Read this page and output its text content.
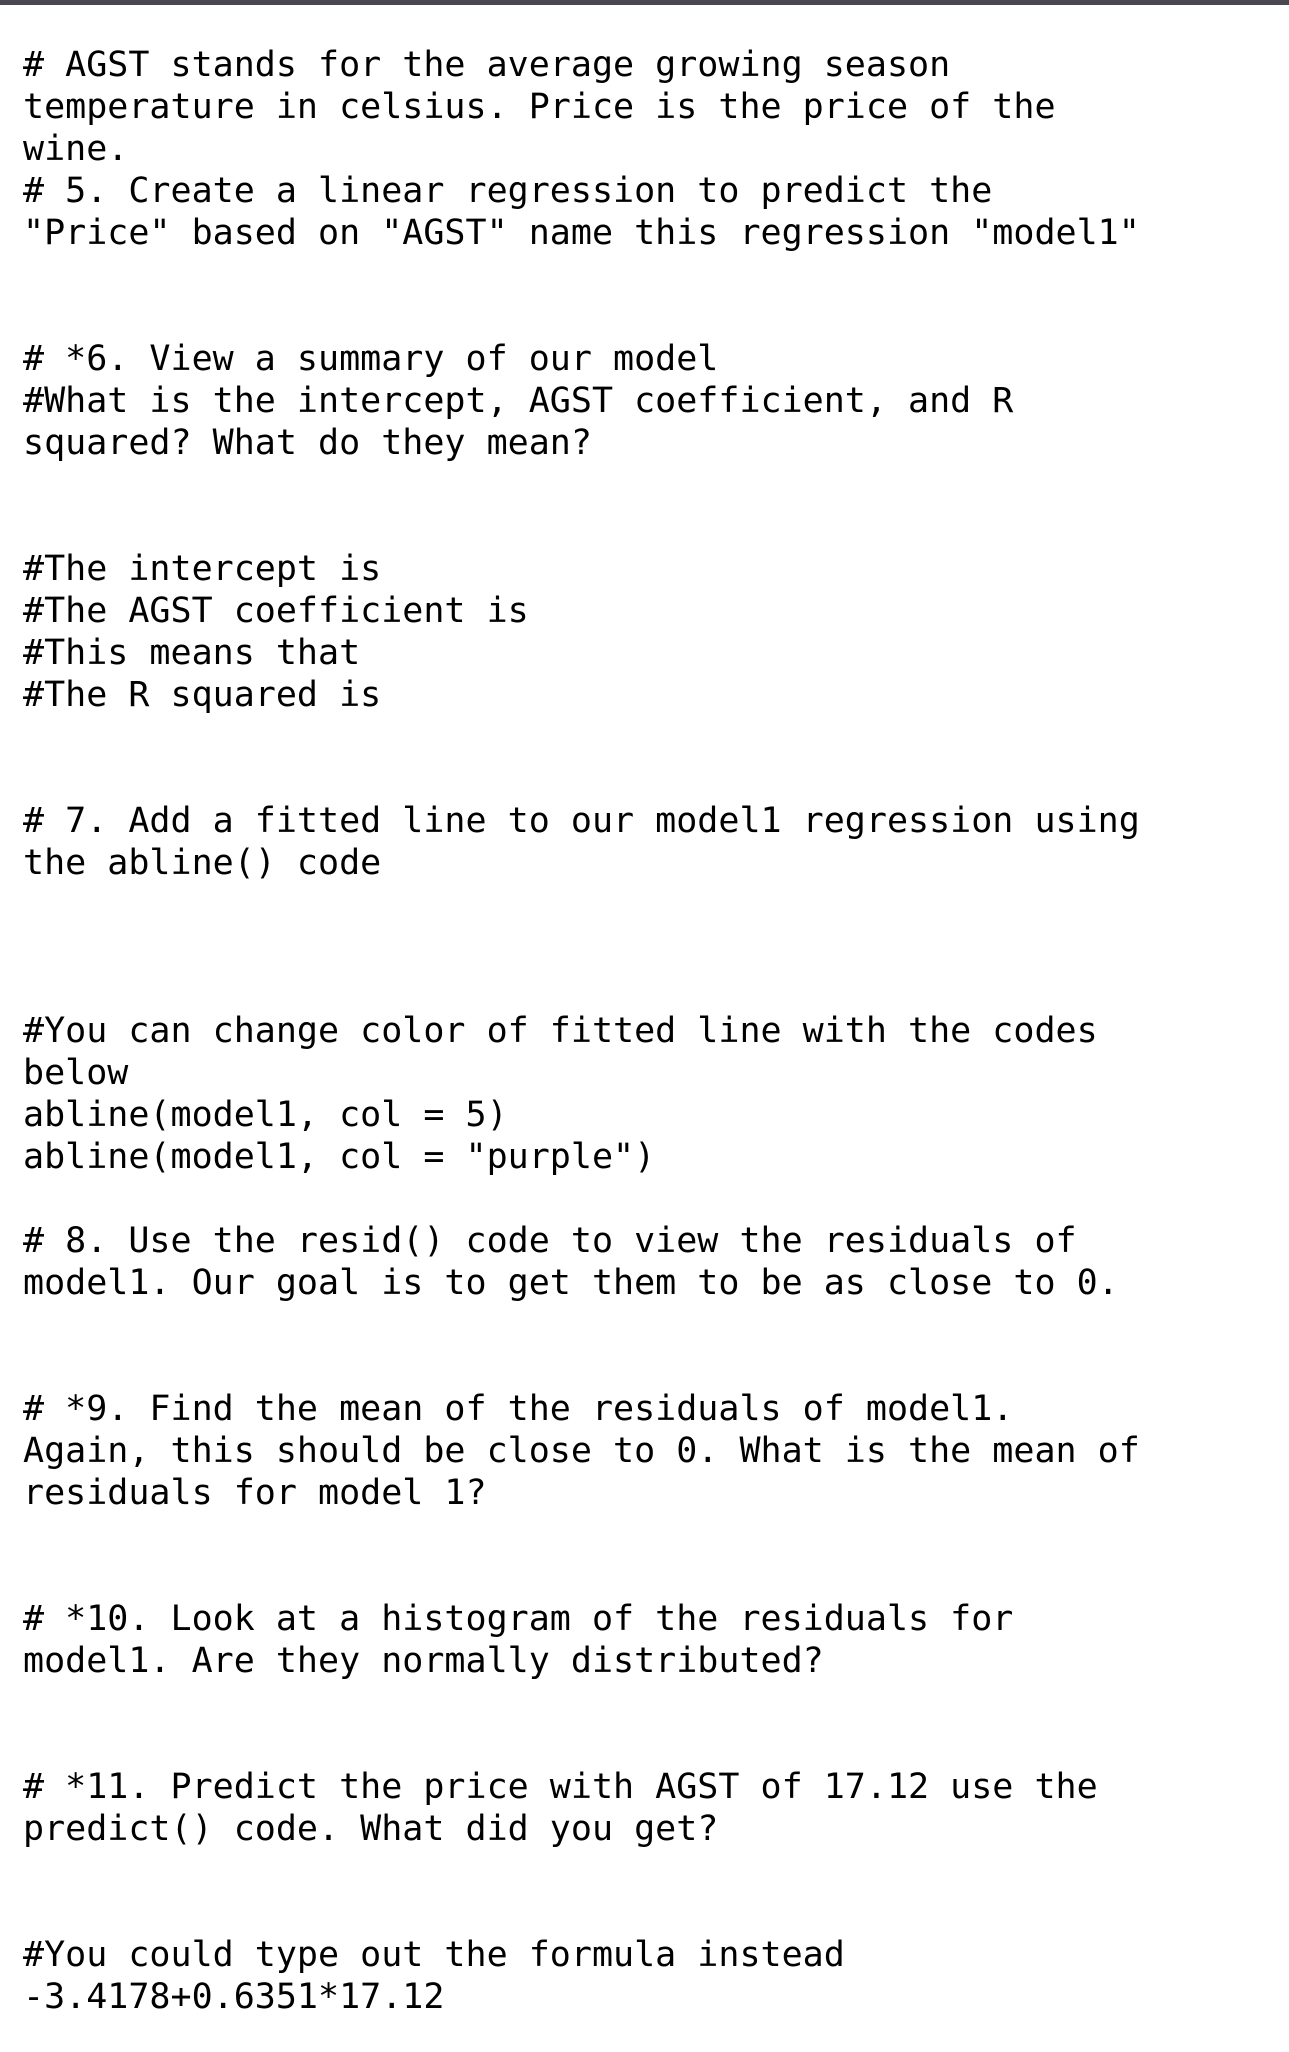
# AGST stands for the average growing season
temperature in celsius. Price is the price of the
wine.
# 5. Create a linear regression to predict the
"Price" based on "AGST" name this regression "model1"
# *6. View a summary of our model
#What is the intercept, AGST coefficient, and R
squared? What do they mean?
#The intercept is
#The AGST coefficient is
#This means that
#The R squared is
# 7. Add a fitted line to our model1 regression using
the abline() code
#You can change color of fitted line with the codes
below
abline(model1, col = 5)
abline(model1, col = "purple")
# 8. Use the resid() code to view the residuals of
model1. Our goal is to get them to be as close to 0.
# *9. Find the mean of the residuals of model1.
Again, this should be close to 0. What is the mean of
residuals for model 1?
# *10. Look at a histogram of the residuals for
model1. Are they normally distributed?
# *11. Predict the price with AGST of 17.12 use the
predict() code. What did you get?
#You could type out the formula instead
-3.4178+0.6351*17.12
